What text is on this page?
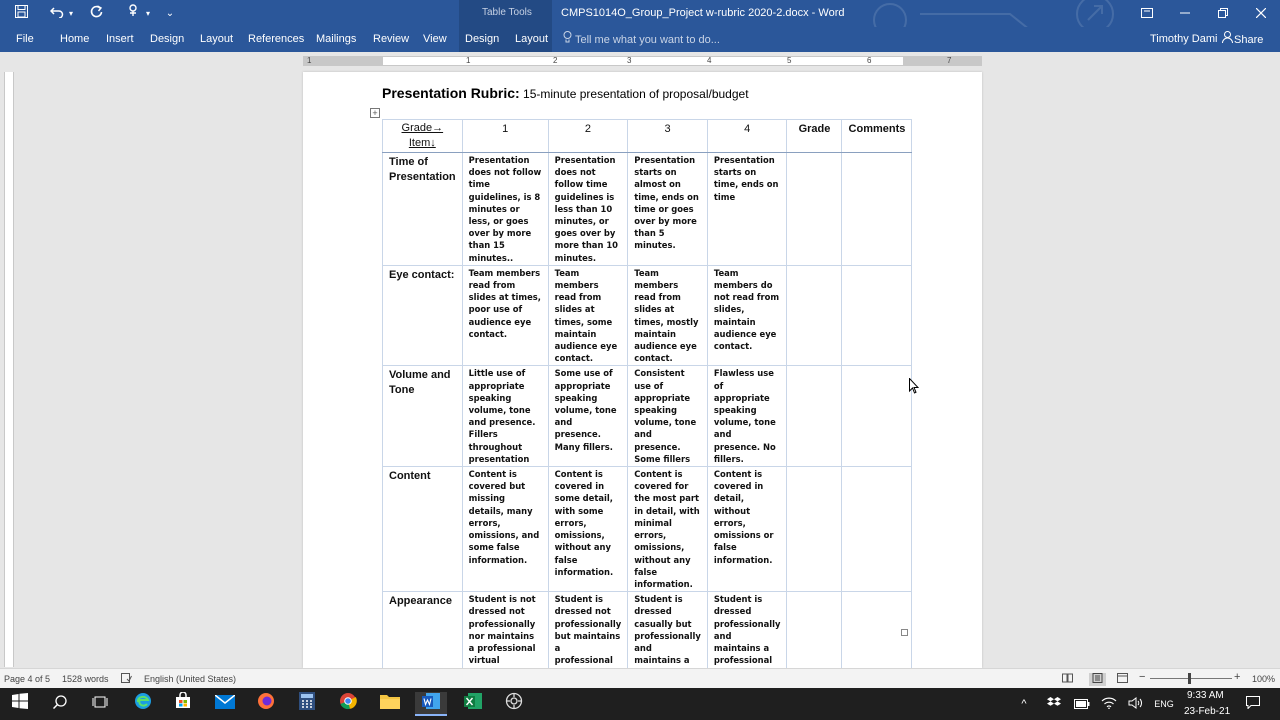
▾	▾	⌄	Table Tools	CMPS1014O_Group_Project w-rubric 2020-2.docx - Word
File Home Insert Design Layout References Mailings Review View Design Layout	Tell me what you want to do...	Timothy Dami	Share
1	1	2	3	4	5	6	7
Presentation Rubric: 15-minute presentation of proposal/budget
+
Grade→
Item↓	1	2	3	4	Grade	Comments
Time of Presentation	Presentation does not follow time guidelines, is 8 minutes or less, or goes over by more than 15 minutes..	Presentation does not follow time guidelines is less than 10 minutes, or goes over by more than 10 minutes.	Presentation starts on almost on time, ends on time or goes over by more than 5 minutes.	Presentation starts on time, ends on time		
Eye contact:	Team members read from slides at times, poor use of audience eye contact.	Team members read from slides at times, some maintain audience eye contact.	Team members read from slides at times, mostly maintain audience eye contact.	Team members do not read from slides, maintain audience eye contact.		
Volume and Tone	Little use of appropriate speaking volume, tone and presence. Fillers throughout presentation	Some use of appropriate speaking volume, tone and presence. Many fillers.	Consistent use of appropriate speaking volume, tone and presence. Some fillers	Flawless use of appropriate speaking volume, tone and presence. No fillers.		
Content	Content is covered but missing details, many errors, omissions, and some false information.	Content is covered in some detail, with some errors, omissions, without any false information.	Content is covered for the most part in detail, with minimal errors, omissions, without any false information.	Content is covered in detail, without errors, omissions or false information.		
Appearance	Student is not dressed not professionally nor maintains a professional virtual	Student is dressed not professionally but maintains a professional	Student is dressed casually but professionally and maintains a	Student is dressed professionally and maintains a professional		
Page 4 of 5 1528 words	English (United States)	−	+ 100%
^	ENG
9:33 AM
23-Feb-21
